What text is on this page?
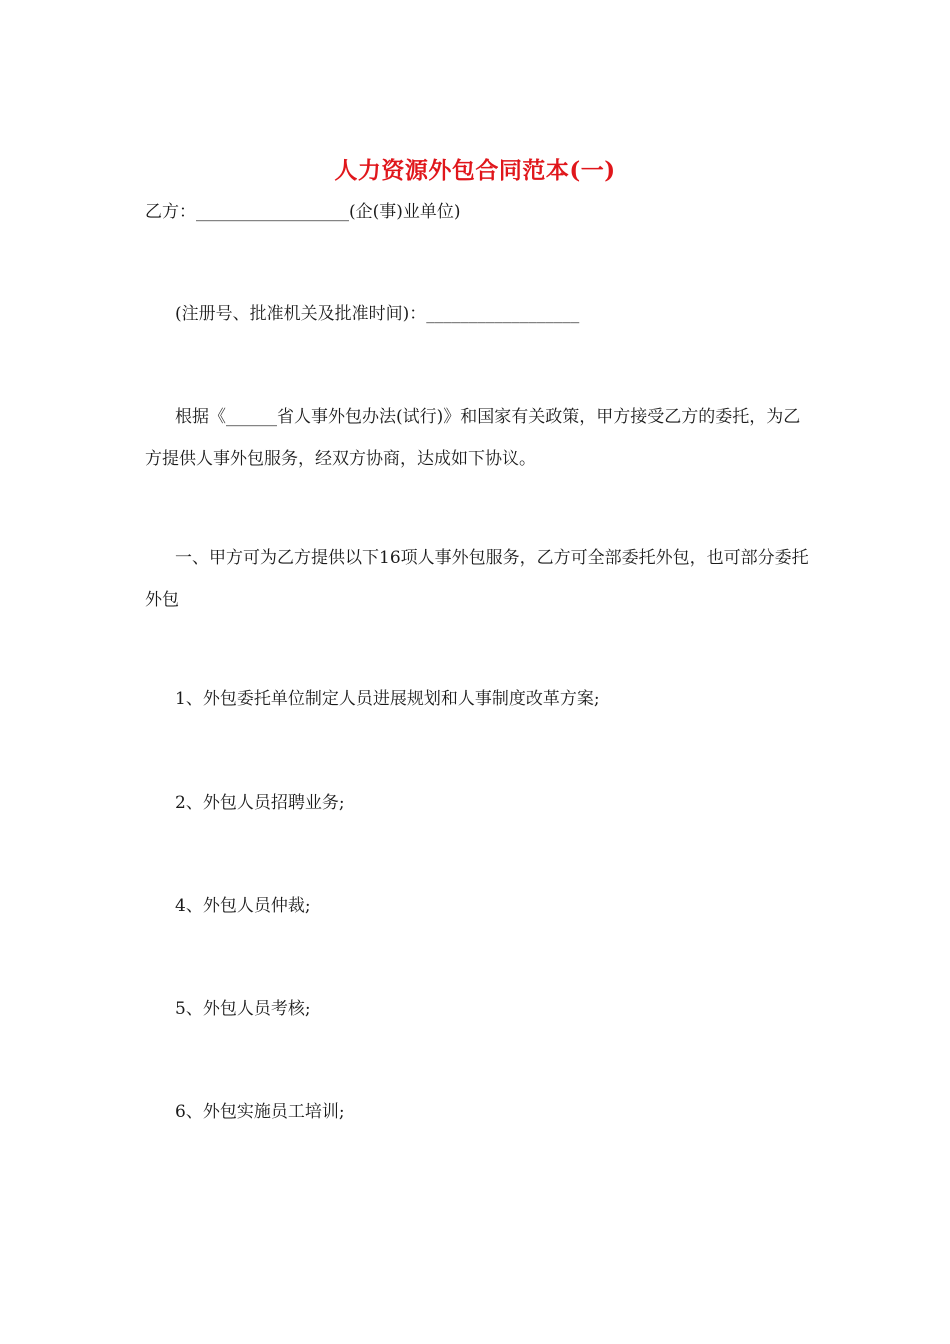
人力资源外包合同范本(一)

乙方：__________________(企(事)业单位)

(注册号、批准机关及批准时间)：__________________

根据《______省人事外包办法(试行)》和国家有关政策，甲方接受乙方的委托，为乙方提供人事外包服务，经双方协商，达成如下协议。

一、甲方可为乙方提供以下16项人事外包服务，乙方可全部委托外包，也可部分委托外包

1、外包委托单位制定人员进展规划和人事制度改革方案;

2、外包人员招聘业务;

4、外包人员仲裁;

5、外包人员考核;

6、外包实施员工培训;
